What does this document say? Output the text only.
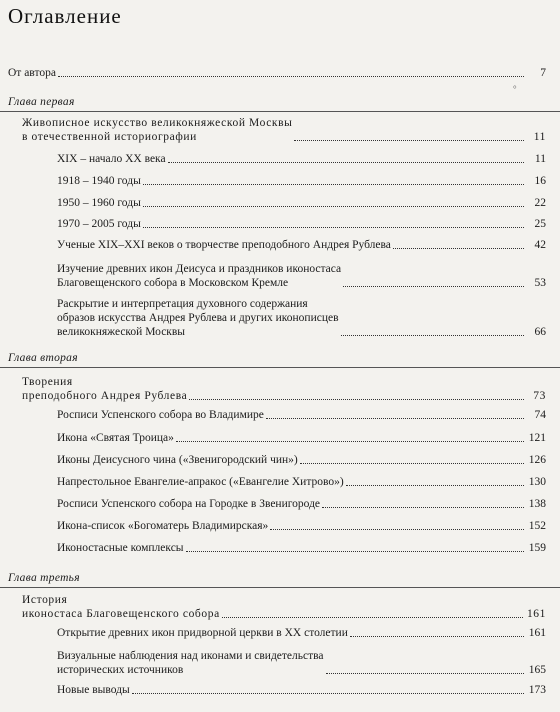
Оглавление
От автора	7
°
Глава первая
Живописное искусство великокняжеской Москвы
в отечественной историографии	11
XIX – начало XX века	11
1918 – 1940 годы	16
1950 – 1960 годы	22
1970 – 2005 годы	25
Ученые XIX–XXI веков о творчестве преподобного Андрея Рублева	42
Изучение древних икон Деисуса и праздников иконостаса
Благовещенского собора в Московском Кремле	53
Раскрытие и интерпретация духовного содержания
образов искусства Андрея Рублева и других иконописцев
великокняжеской Москвы	66
Глава вторая
Творения
преподобного Андрея Рублева	73
Росписи Успенского собора во Владимире	74
Икона «Святая Троица»	121
Иконы Деисусного чина («Звенигородский чин»)	126
Напрестольное Евангелие-апракос («Евангелие Хитрово»)	130
Росписи Успенского собора на Городке в Звенигороде	138
Икона-список «Богоматерь Владимирская»	152
Иконостасные комплексы	159
Глава третья
История
иконостаса Благовещенского собора	161
Открытие древних икон придворной церкви в XX столетии	161
Визуальные наблюдения над иконами и свидетельства
исторических источников	165
Новые выводы	173
